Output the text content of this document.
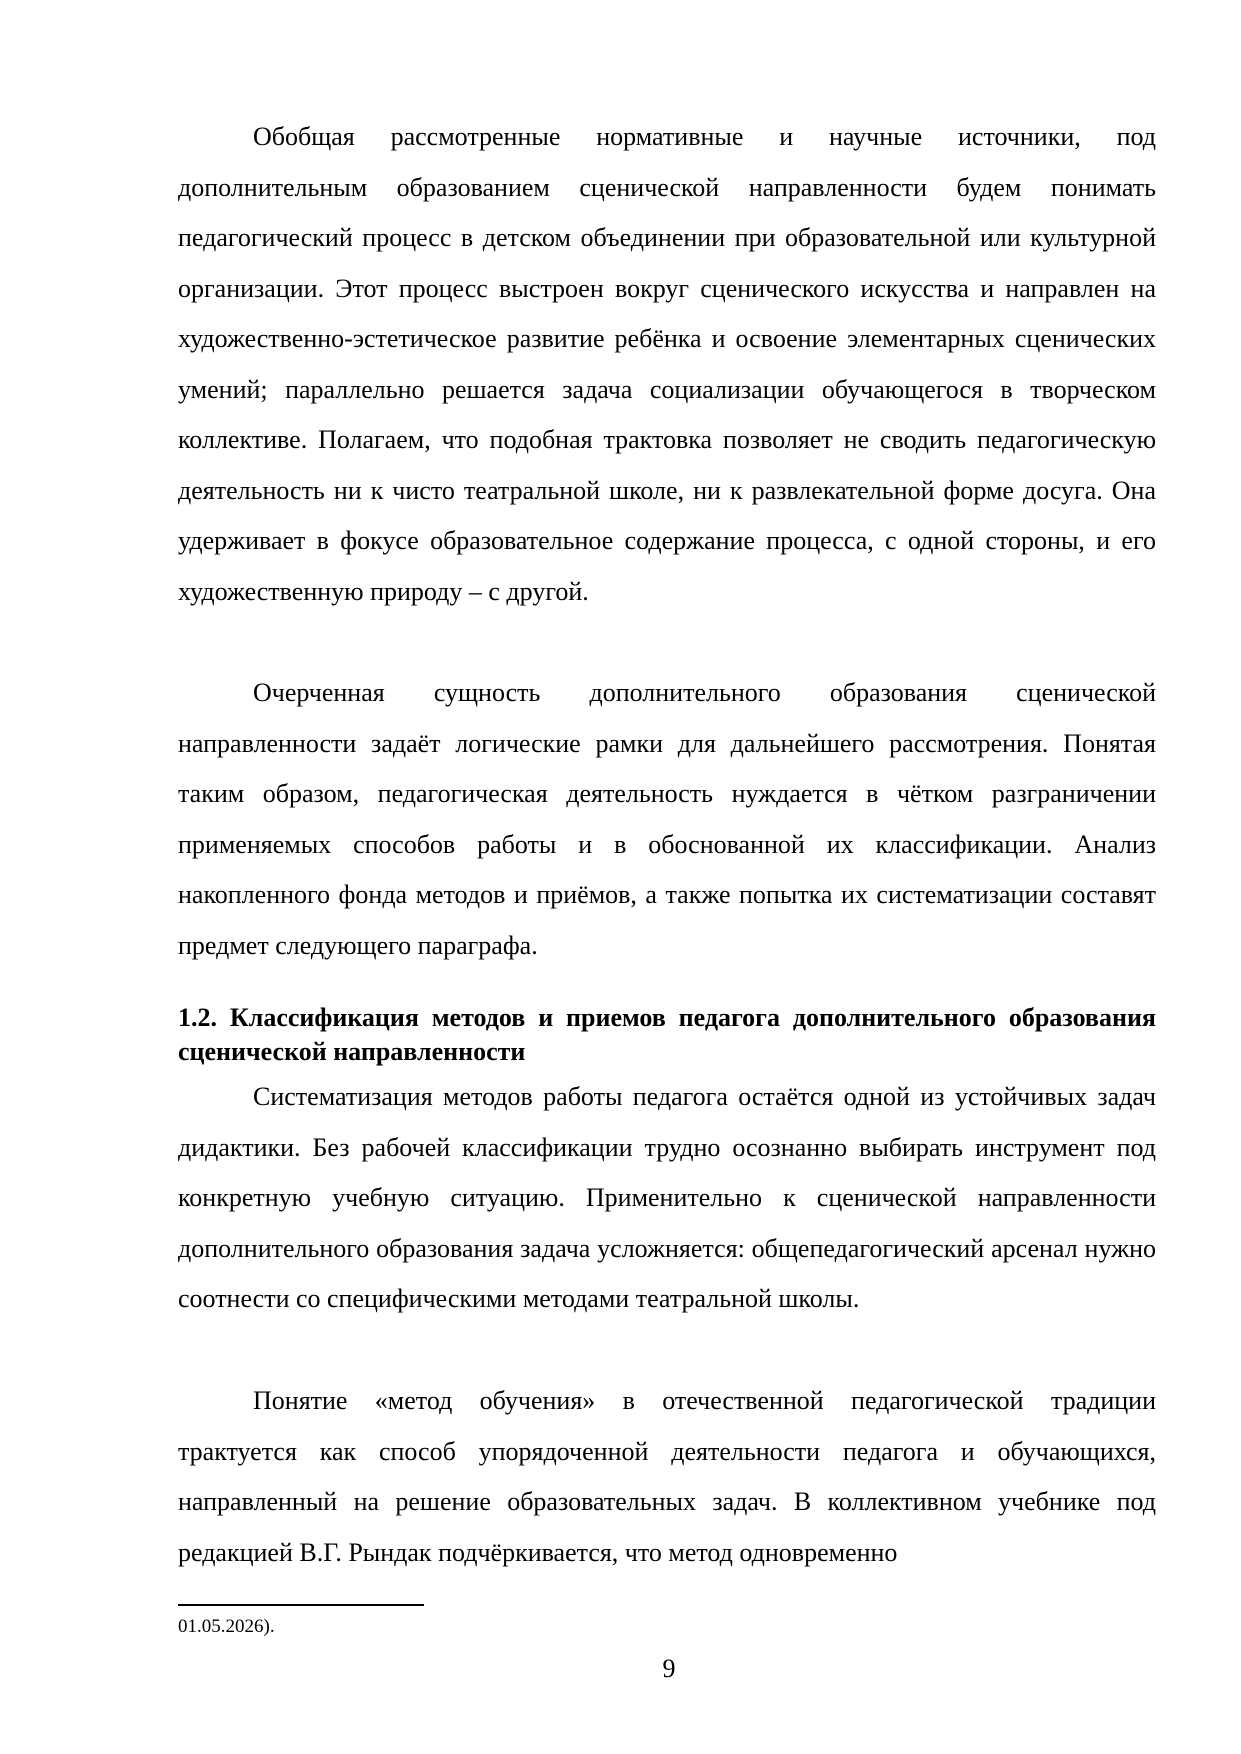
Обобщая рассмотренные нормативные и научные источники, под дополнительным образованием сценической направленности будем понимать педагогический процесс в детском объединении при образовательной или культурной организации. Этот процесс выстроен вокруг сценического искусства и направлен на художественно-эстетическое развитие ребёнка и освоение элементарных сценических умений; параллельно решается задача социализации обучающегося в творческом коллективе. Полагаем, что подобная трактовка позволяет не сводить педагогическую деятельность ни к чисто театральной школе, ни к развлекательной форме досуга. Она удерживает в фокусе образовательное содержание процесса, с одной стороны, и его художественную природу – с другой.

Очерченная сущность дополнительного образования сценической направленности задаёт логические рамки для дальнейшего рассмотрения. Понятая таким образом, педагогическая деятельность нуждается в чётком разграничении применяемых способов работы и в обоснованной их классификации. Анализ накопленного фонда методов и приёмов, а также попытка их систематизации составят предмет следующего параграфа.

1.2. Классификация методов и приемов педагога дополнительного образования сценической направленности

Систематизация методов работы педагога остаётся одной из устойчивых задач дидактики. Без рабочей классификации трудно осознанно выбирать инструмент под конкретную учебную ситуацию. Применительно к сценической направленности дополнительного образования задача усложняется: общепедагогический арсенал нужно соотнести со специфическими методами театральной школы.

Понятие «метод обучения» в отечественной педагогической традиции трактуется как способ упорядоченной деятельности педагога и обучающихся, направленный на решение образовательных задач. В коллективном учебнике под редакцией В.Г. Рындак подчёркивается, что метод одновременно

01.05.2026).
9
